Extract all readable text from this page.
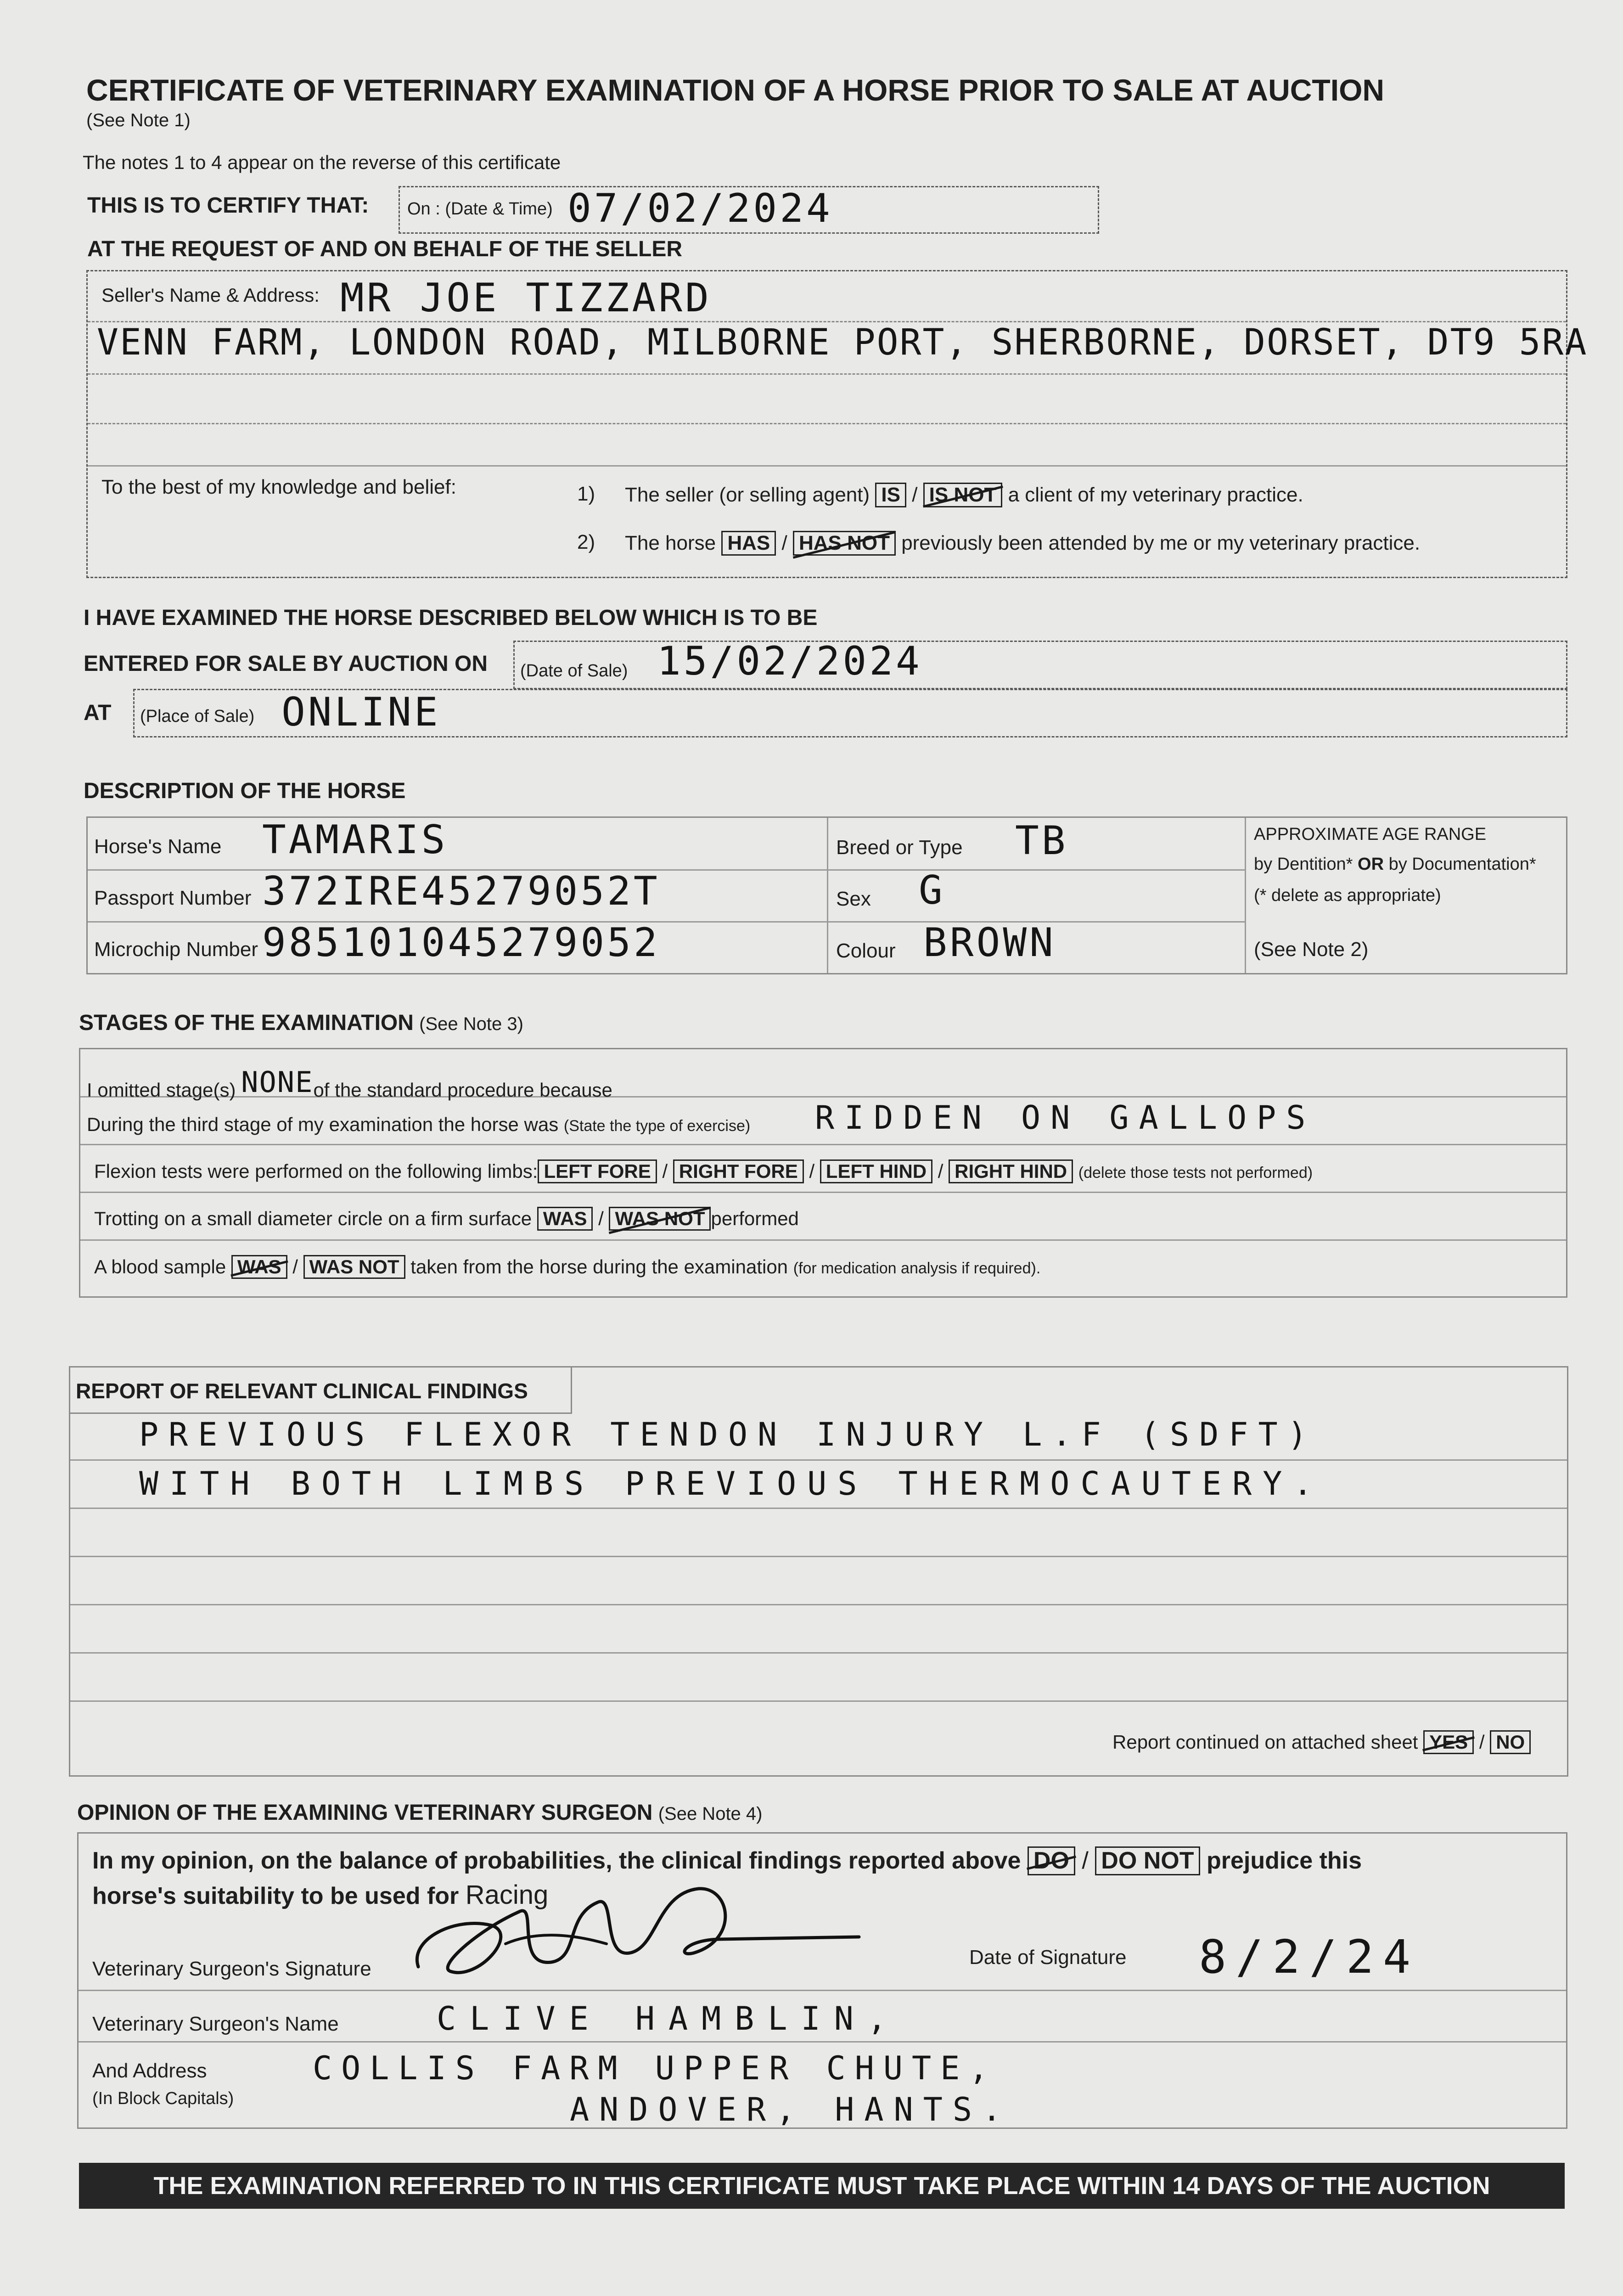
CERTIFICATE OF VETERINARY EXAMINATION OF A HORSE PRIOR TO SALE AT AUCTION
(See Note 1)
The notes 1 to 4 appear on the reverse of this certificate
THIS IS TO CERTIFY THAT: On : (Date & Time) 07/02/2024
AT THE REQUEST OF AND ON BEHALF OF THE SELLER
Seller's Name & Address: MR JOE TIZZARD
VENN FARM, LONDON ROAD, MILBORNE PORT, SHERBORNE, DORSET, DT9 5RA
To the best of my knowledge and belief:	1) The seller (or selling agent) IS / IS NOT a client of my veterinary practice.
2) The horse HAS / HAS NOT previously been attended by me or my veterinary practice.
I HAVE EXAMINED THE HORSE DESCRIBED BELOW WHICH IS TO BE
ENTERED FOR SALE BY AUCTION ON (Date of Sale) 15/02/2024
AT (Place of Sale) ONLINE
DESCRIPTION OF THE HORSE
Horse's Name TAMARIS
Passport Number 372IRE45279052T
Microchip Number 985101045279052
Breed or Type TB
Sex G
Colour BROWN
APPROXIMATE AGE RANGE
by Dentition* OR by Documentation*
(* delete as appropriate)
(See Note 2)
STAGES OF THE EXAMINATION (See Note 3)
I omitted stage(s) NONEof the standard procedure because
During the third stage of my examination the horse was (State the type of exercise) RIDDEN ON GALLOPS
Flexion tests were performed on the following limbs: LEFT FORE / RIGHT FORE / LEFT HIND / RIGHT HIND (delete those tests not performed)
Trotting on a small diameter circle on a firm surface WAS / WAS NOT performed
A blood sample WAS / WAS NOT taken from the horse during the examination (for medication analysis if required).
REPORT OF RELEVANT CLINICAL FINDINGS
PREVIOUS FLEXOR TENDON INJURY L.F (SDFT)
WITH BOTH LIMBS PREVIOUS THERMOCAUTERY.
Report continued on attached sheet YES / NO
OPINION OF THE EXAMINING VETERINARY SURGEON (See Note 4)
In my opinion, on the balance of probabilities, the clinical findings reported above DO / DO NOT prejudice this
horse's suitability to be used for Racing
Veterinary Surgeon's Signature
Date of Signature 8/2/24
Veterinary Surgeon's Name	CLIVE HAMBLIN,
And Address
(In Block Capitals)
COLLIS FARM UPPER CHUTE,
ANDOVER, HANTS.
THE EXAMINATION REFERRED TO IN THIS CERTIFICATE MUST TAKE PLACE WITHIN 14 DAYS OF THE AUCTION
